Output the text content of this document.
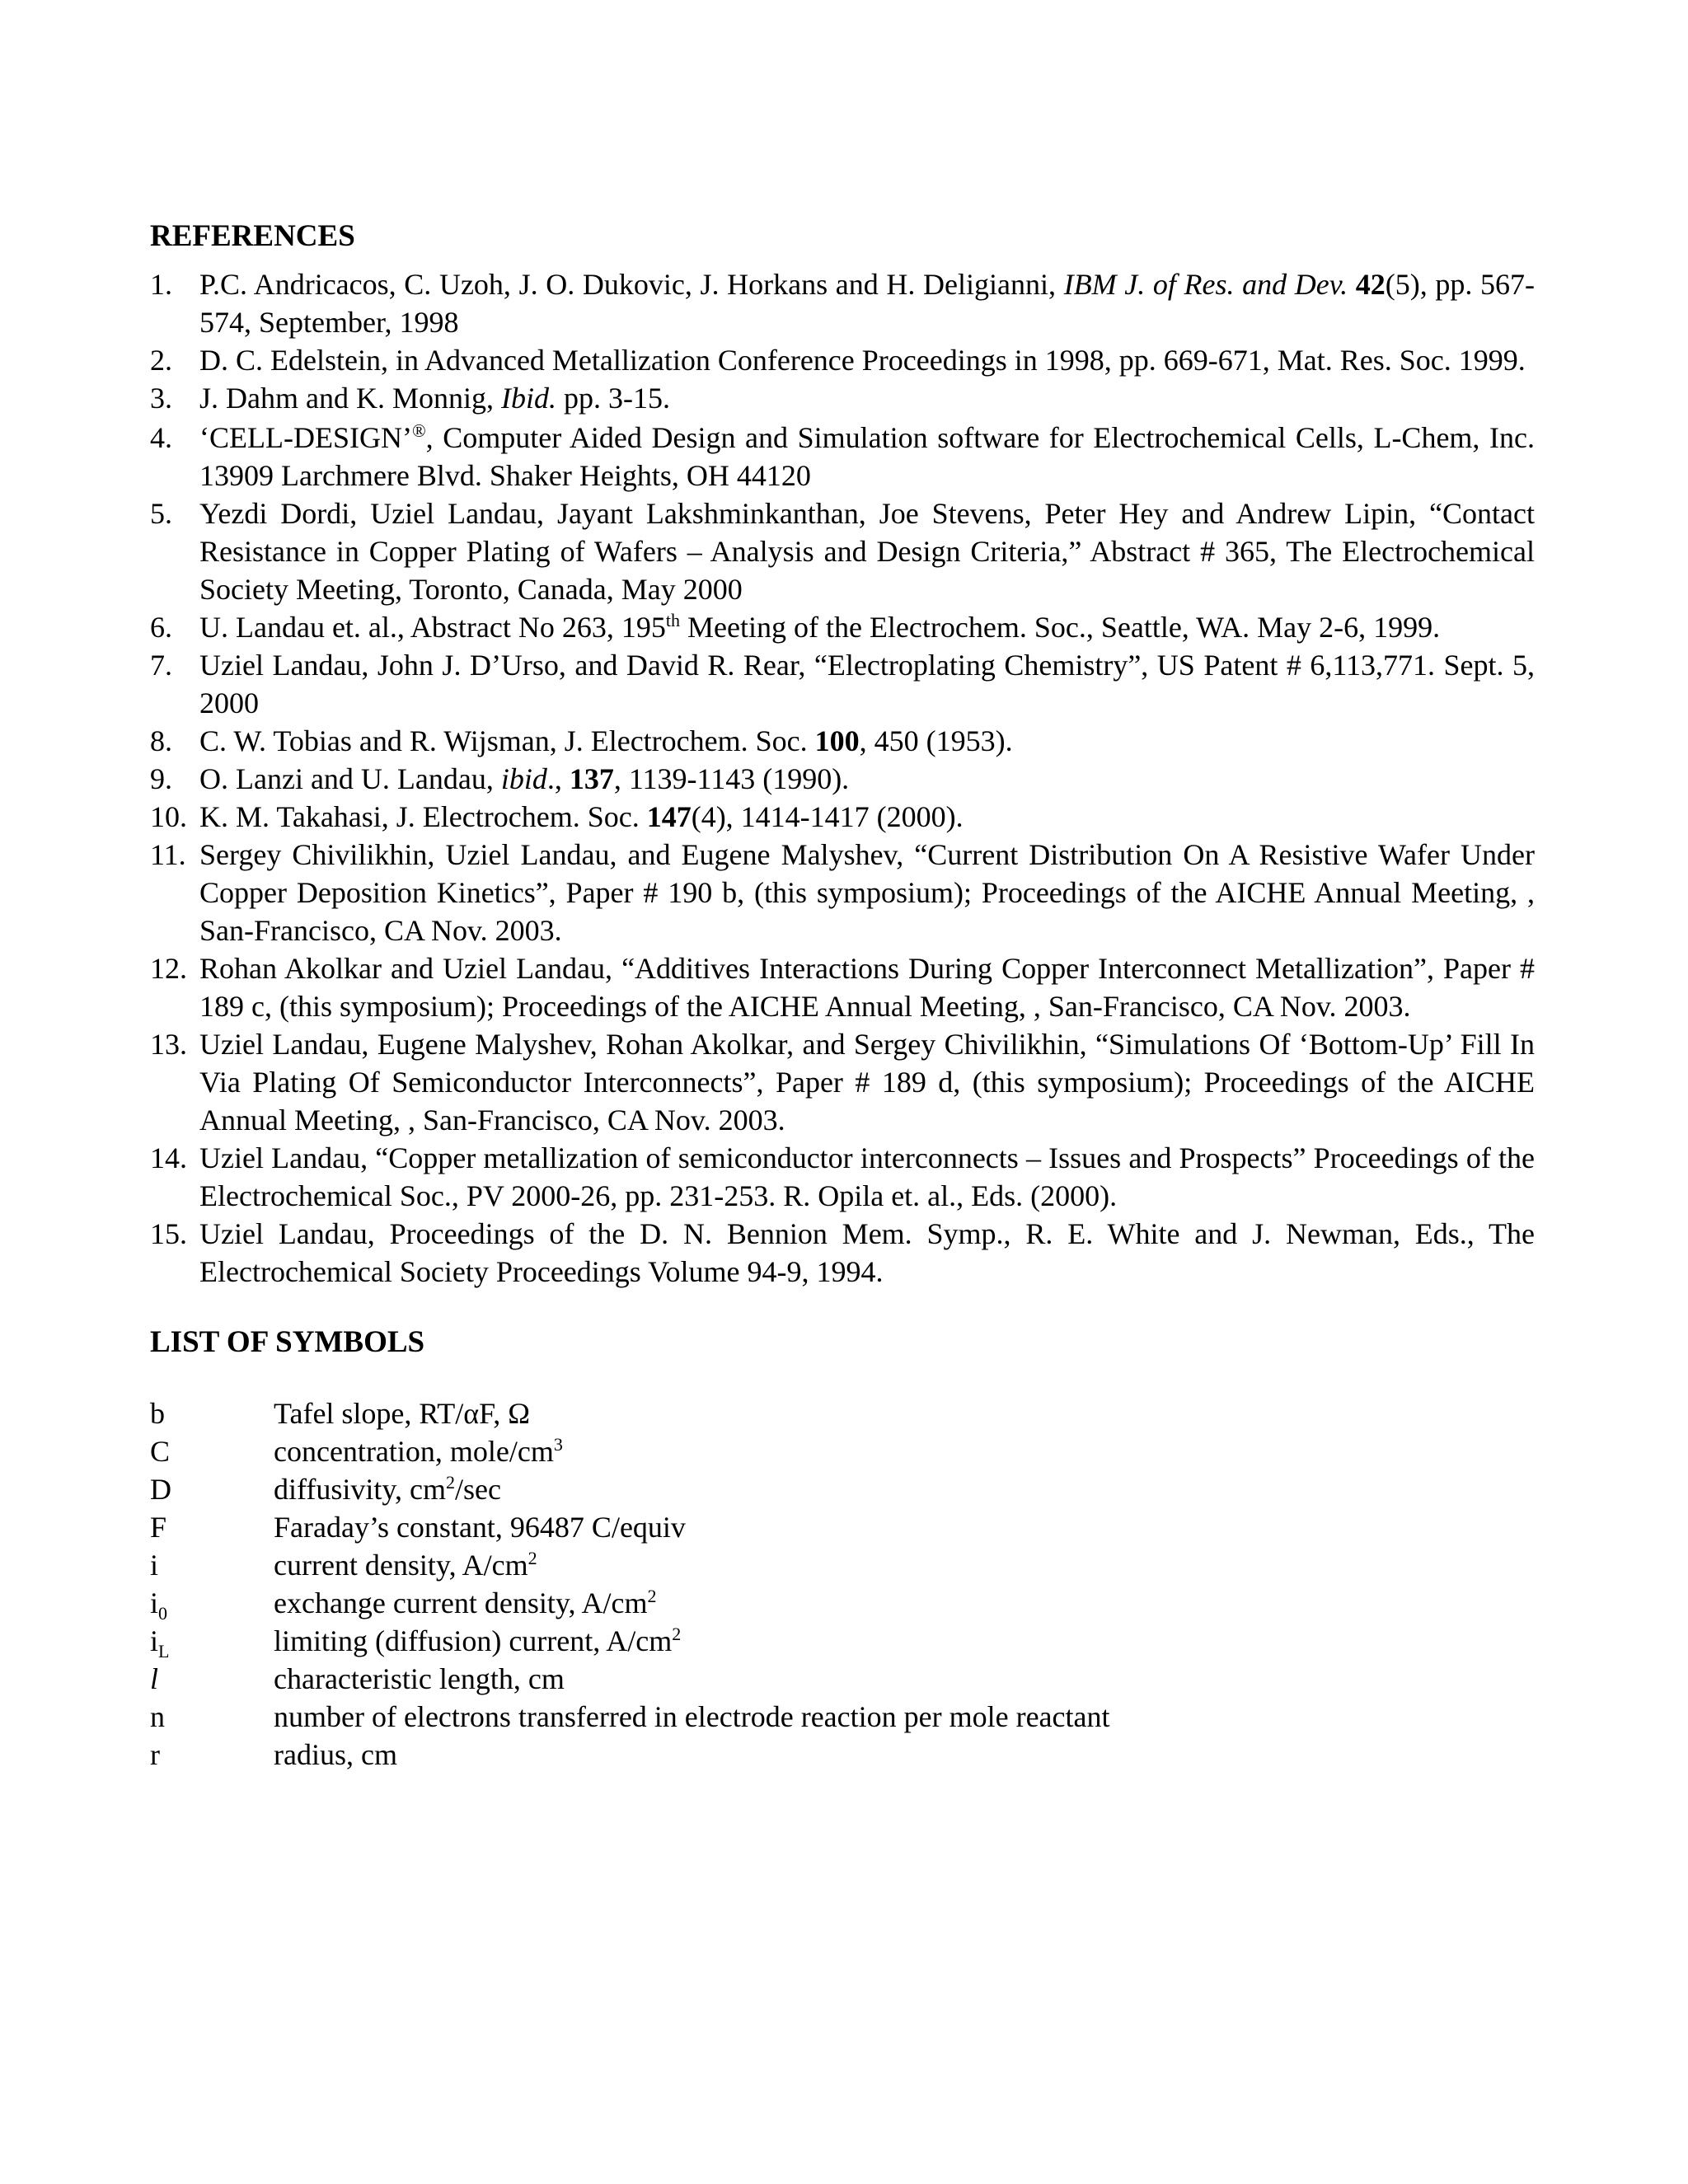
REFERENCES
1. P.C. Andricacos, C. Uzoh, J. O. Dukovic, J. Horkans and H. Deligianni, IBM J. of Res. and Dev. 42(5), pp. 567-574, September, 1998
2. D. C. Edelstein, in Advanced Metallization Conference Proceedings in 1998, pp. 669-671, Mat. Res. Soc. 1999.
3. J. Dahm and K. Monnig, Ibid. pp. 3-15.
4. ‘CELL-DESIGN’®, Computer Aided Design and Simulation software for Electrochemical Cells, L-Chem, Inc. 13909 Larchmere Blvd. Shaker Heights, OH 44120
5. Yezdi Dordi, Uziel Landau, Jayant Lakshminkanthan, Joe Stevens, Peter Hey and Andrew Lipin, “Contact Resistance in Copper Plating of Wafers – Analysis and Design Criteria,” Abstract # 365, The Electrochemical Society Meeting, Toronto, Canada, May 2000
6. U. Landau et. al., Abstract No 263, 195th Meeting of the Electrochem. Soc., Seattle, WA. May 2-6, 1999.
7. Uziel Landau, John J. D’Urso, and David R. Rear, “Electroplating Chemistry”, US Patent # 6,113,771. Sept. 5, 2000
8. C. W. Tobias and R. Wijsman, J. Electrochem. Soc. 100, 450 (1953).
9. O. Lanzi and U. Landau, ibid., 137, 1139-1143 (1990).
10. K. M. Takahasi, J. Electrochem. Soc. 147(4), 1414-1417 (2000).
11. Sergey Chivilikhin, Uziel Landau, and Eugene Malyshev, “Current Distribution On A Resistive Wafer Under Copper Deposition Kinetics”, Paper # 190 b, (this symposium); Proceedings of the AICHE Annual Meeting, , San-Francisco, CA Nov. 2003.
12. Rohan Akolkar and Uziel Landau, “Additives Interactions During Copper Interconnect Metallization”, Paper # 189 c, (this symposium); Proceedings of the AICHE Annual Meeting, , San-Francisco, CA Nov. 2003.
13. Uziel Landau, Eugene Malyshev, Rohan Akolkar, and Sergey Chivilikhin, “Simulations Of ‘Bottom-Up’ Fill In Via Plating Of Semiconductor Interconnects”, Paper # 189 d, (this symposium); Proceedings of the AICHE Annual Meeting, , San-Francisco, CA Nov. 2003.
14. Uziel Landau, “Copper metallization of semiconductor interconnects – Issues and Prospects” Proceedings of the Electrochemical Soc., PV 2000-26, pp. 231-253. R. Opila et. al., Eds. (2000).
15. Uziel Landau, Proceedings of the D. N. Bennion Mem. Symp., R. E. White and J. Newman, Eds., The Electrochemical Society Proceedings Volume 94-9, 1994.
LIST OF SYMBOLS
b	Tafel slope, RT/αF, Ω
C	concentration, mole/$cm^3$
D	diffusivity, $cm^2/\sec$
F	Faraday’s constant, 96487 C/equiv
i	current density, $A/cm^2$
$i_0$	exchange current density, $A/cm^2$
$i_L$	limiting (diffusion) current, $A/cm^2$
l	characteristic length, cm
n	number of electrons transferred in electrode reaction per mole reactant
r	radius, cm
